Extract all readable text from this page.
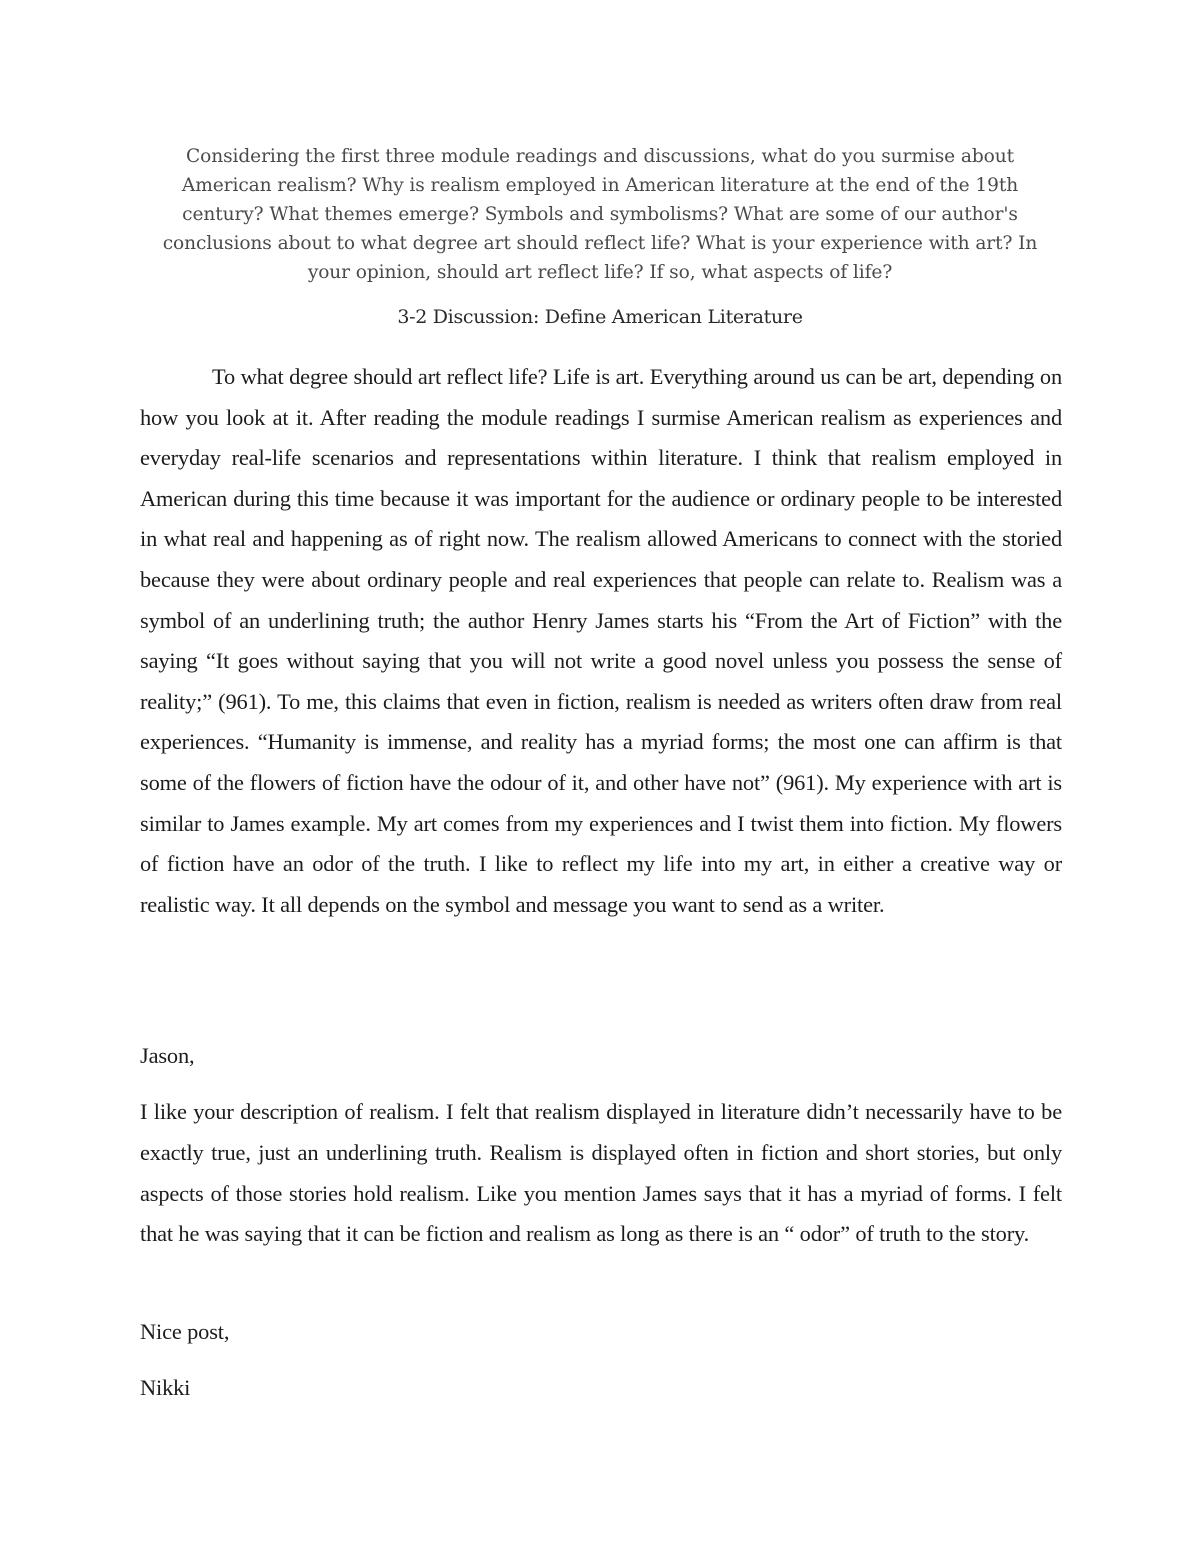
Considering the first three module readings and discussions, what do you surmise about American realism? Why is realism employed in American literature at the end of the 19th century? What themes emerge? Symbols and symbolisms? What are some of our author's conclusions about to what degree art should reflect life? What is your experience with art? In your opinion, should art reflect life? If so, what aspects of life?

3-2 Discussion: Define American Literature

To what degree should art reflect life? Life is art. Everything around us can be art, depending on how you look at it. After reading the module readings I surmise American realism as experiences and everyday real-life scenarios and representations within literature. I think that realism employed in American during this time because it was important for the audience or ordinary people to be interested in what real and happening as of right now. The realism allowed Americans to connect with the storied because they were about ordinary people and real experiences that people can relate to. Realism was a symbol of an underlining truth; the author Henry James starts his “From the Art of Fiction” with the saying “It goes without saying that you will not write a good novel unless you possess the sense of reality;” (961). To me, this claims that even in fiction, realism is needed as writers often draw from real experiences. “Humanity is immense, and reality has a myriad forms; the most one can affirm is that some of the flowers of fiction have the odour of it, and other have not” (961). My experience with art is similar to James example. My art comes from my experiences and I twist them into fiction. My flowers of fiction have an odor of the truth. I like to reflect my life into my art, in either a creative way or realistic way. It all depends on the symbol and message you want to send as a writer.

Jason,

I like your description of realism. I felt that realism displayed in literature didn’t necessarily have to be exactly true, just an underlining truth. Realism is displayed often in fiction and short stories, but only aspects of those stories hold realism. Like you mention James says that it has a myriad of forms. I felt that he was saying that it can be fiction and realism as long as there is an “ odor” of truth to the story.

Nice post,

Nikki
